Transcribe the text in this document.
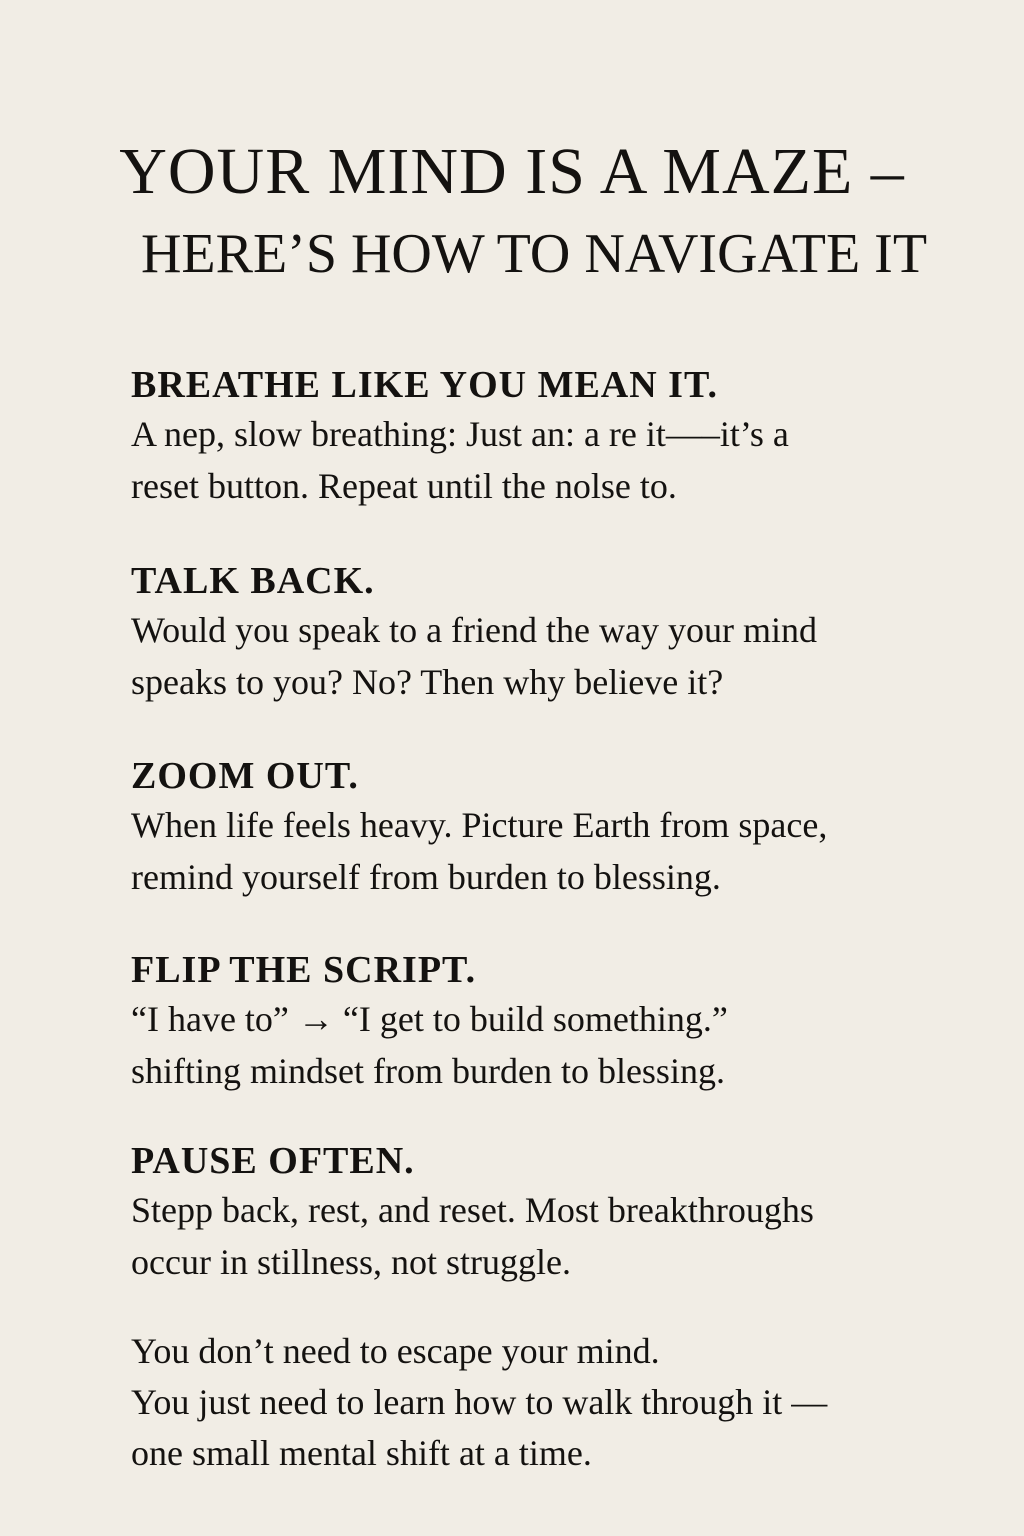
YOUR MIND IS A MAZE –
HERE’S HOW TO NAVIGATE IT
BREATHE LIKE YOU MEAN IT.
A nep, slow breathing: Just an: a re it—–it’s a
reset button. Repeat until the nolse to.
TALK BACK.
Would you speak to a friend the way your mind
speaks to you? No? Then why believe it?
ZOOM OUT.
When life feels heavy. Picture Earth from space,
remind yourself from burden to blessing.
FLIP THE SCRIPT.
“I have to” → “I get to build something.”
shifting mindset from burden to blessing.
PAUSE OFTEN.
Stepp back, rest, and reset. Most breakthroughs
occur in stillness, not struggle.
You don’t need to escape your mind.
You just need to learn how to walk through it —
one small mental shift at a time.
